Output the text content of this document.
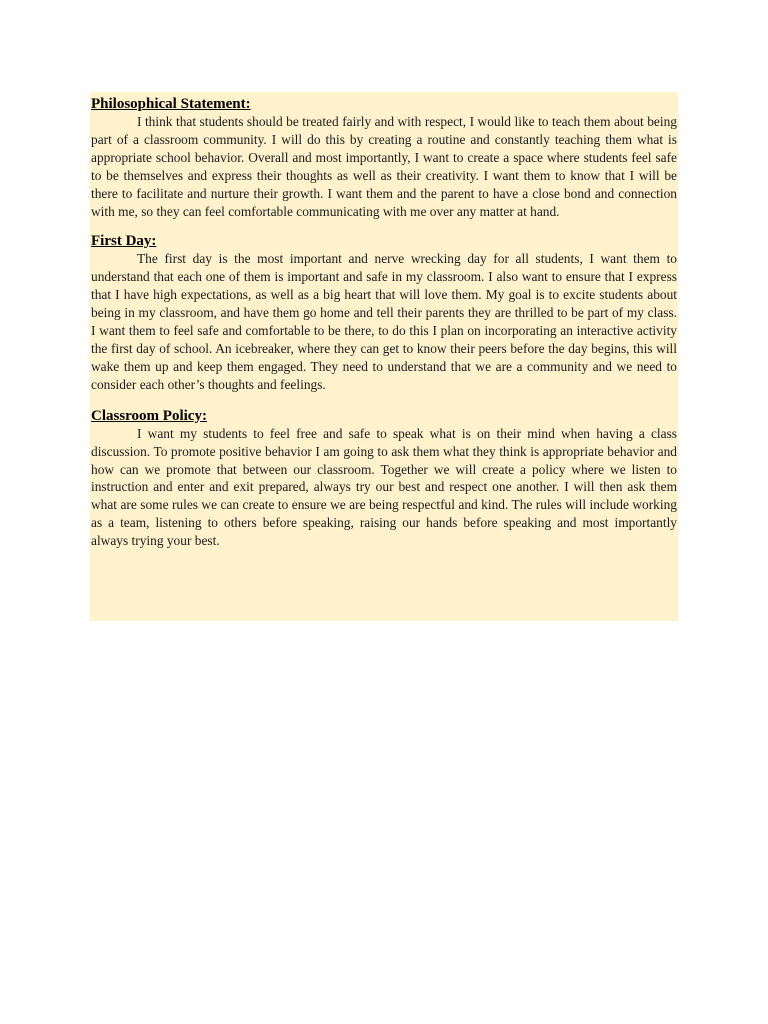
Philosophical Statement:

I think that students should be treated fairly and with respect, I would like to teach them about being part of a classroom community. I will do this by creating a routine and constantly teaching them what is appropriate school behavior. Overall and most importantly, I want to create a space where students feel safe to be themselves and express their thoughts as well as their creativity. I want them to know that I will be there to facilitate and nurture their growth. I want them and the parent to have a close bond and connection with me, so they can feel comfortable communicating with me over any matter at hand.

First Day:

The first day is the most important and nerve wrecking day for all students, I want them to understand that each one of them is important and safe in my classroom. I also want to ensure that I express that I have high expectations, as well as a big heart that will love them. My goal is to excite students about being in my classroom, and have them go home and tell their parents they are thrilled to be part of my class. I want them to feel safe and comfortable to be there, to do this I plan on incorporating an interactive activity the first day of school. An icebreaker, where they can get to know their peers before the day begins, this will wake them up and keep them engaged. They need to understand that we are a community and we need to consider each other’s thoughts and feelings.

Classroom Policy:

I want my students to feel free and safe to speak what is on their mind when having a class discussion. To promote positive behavior I am going to ask them what they think is appropriate behavior and how can we promote that between our classroom. Together we will create a policy where we listen to instruction and enter and exit prepared, always try our best and respect one another. I will then ask them what are some rules we can create to ensure we are being respectful and kind. The rules will include working as a team, listening to others before speaking, raising our hands before speaking and most importantly always trying your best.
